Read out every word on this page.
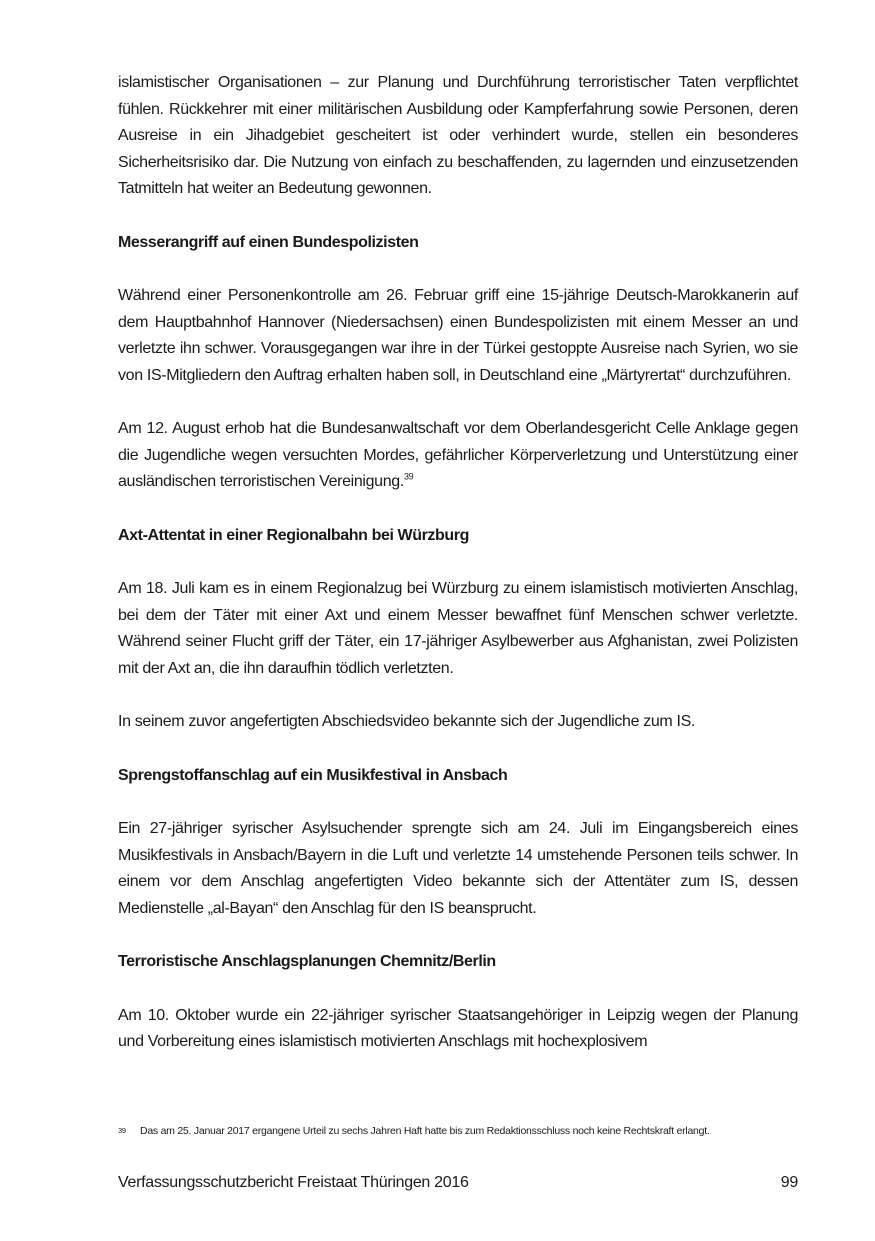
islamistischer Organisationen – zur Planung und Durchführung terroristischer Taten verpflichtet fühlen. Rückkehrer mit einer militärischen Ausbildung oder Kampferfahrung sowie Personen, deren Ausreise in ein Jihadgebiet gescheitert ist oder verhindert wurde, stellen ein besonderes Sicherheitsrisiko dar. Die Nutzung von einfach zu beschaffenden, zu lagernden und einzusetzenden Tatmitteln hat weiter an Bedeutung gewonnen.

Messerangriff auf einen Bundespolizisten

Während einer Personenkontrolle am 26. Februar griff eine 15-jährige Deutsch-Marokkanerin auf dem Hauptbahnhof Hannover (Niedersachsen) einen Bundespolizisten mit einem Messer an und verletzte ihn schwer. Vorausgegangen war ihre in der Türkei gestoppte Ausreise nach Syrien, wo sie von IS-Mitgliedern den Auftrag erhalten haben soll, in Deutschland eine „Märtyrertat“ durchzuführen.

Am 12. August erhob hat die Bundesanwaltschaft vor dem Oberlandesgericht Celle Anklage gegen die Jugendliche wegen versuchten Mordes, gefährlicher Körperverletzung und Unterstützung einer ausländischen terroristischen Vereinigung.$^{39}$

Axt-Attentat in einer Regionalbahn bei Würzburg

Am 18. Juli kam es in einem Regionalzug bei Würzburg zu einem islamistisch motivierten Anschlag, bei dem der Täter mit einer Axt und einem Messer bewaffnet fünf Menschen schwer verletzte. Während seiner Flucht griff der Täter, ein 17-jähriger Asylbewerber aus Afghanistan, zwei Polizisten mit der Axt an, die ihn daraufhin tödlich verletzten.

In seinem zuvor angefertigten Abschiedsvideo bekannte sich der Jugendliche zum IS.

Sprengstoffanschlag auf ein Musikfestival in Ansbach

Ein 27-jähriger syrischer Asylsuchender sprengte sich am 24. Juli im Eingangsbereich eines Musikfestivals in Ansbach/Bayern in die Luft und verletzte 14 umstehende Personen teils schwer. In einem vor dem Anschlag angefertigten Video bekannte sich der Attentäter zum IS, dessen Medienstelle „al-Bayan“ den Anschlag für den IS beansprucht.

Terroristische Anschlagsplanungen Chemnitz/Berlin

Am 10. Oktober wurde ein 22-jähriger syrischer Staatsangehöriger in Leipzig wegen der Planung und Vorbereitung eines islamistisch motivierten Anschlags mit hochexplosivem

39	Das am 25. Januar 2017 ergangene Urteil zu sechs Jahren Haft hatte bis zum Redaktionsschluss noch keine Rechtskraft erlangt.
Verfassungsschutzbericht Freistaat Thüringen 2016	99
